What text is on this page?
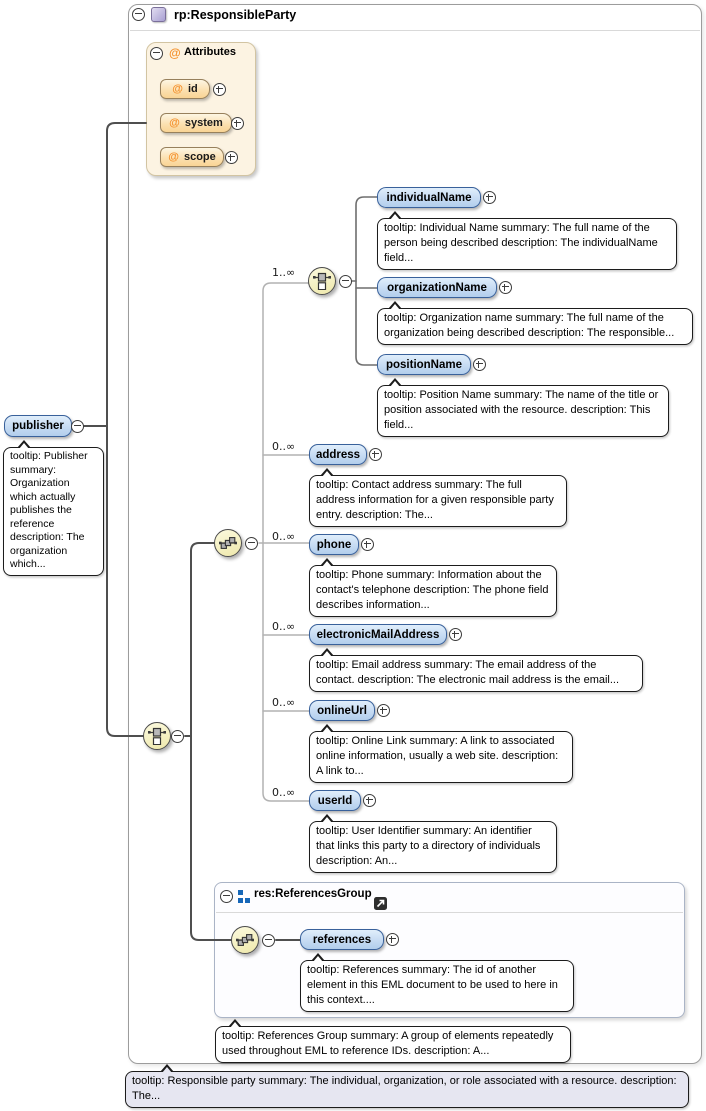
rp:ResponsibleParty
@ Attributes
@ id
@ system
@ scope
publisher
tooltip: Publisher summary: Organization which actually publishes the reference description: The organization which...
1..∞
individualName
tooltip: Individual Name summary: The full name of the person being described description: The individualName field...
organizationName
tooltip: Organization name summary: The full name of the organization being described description: The responsible...
positionName
tooltip: Position Name summary: The name of the title or position associated with the resource. description: This field...
0..∞
address
tooltip: Contact address summary: The full address information for a given responsible party entry. description: The...
0..∞
phone
tooltip: Phone summary: Information about the contact's telephone description: The phone field describes information...
0..∞
electronicMailAddress
tooltip: Email address summary: The email address of the contact. description: The electronic mail address is the email...
0..∞
onlineUrl
tooltip: Online Link summary: A link to associated online information, usually a web site. description: A link to...
0..∞
userId
tooltip: User Identifier summary: An identifier that links this party to a directory of individuals description: An...
res:ReferencesGroup
references
tooltip: References summary: The id of another element in this EML document to be used to here in this context....
tooltip: References Group summary: A group of elements repeatedly used throughout EML to reference IDs. description: A...
tooltip: Responsible party summary: The individual, organization, or role associated with a resource. description: The...
